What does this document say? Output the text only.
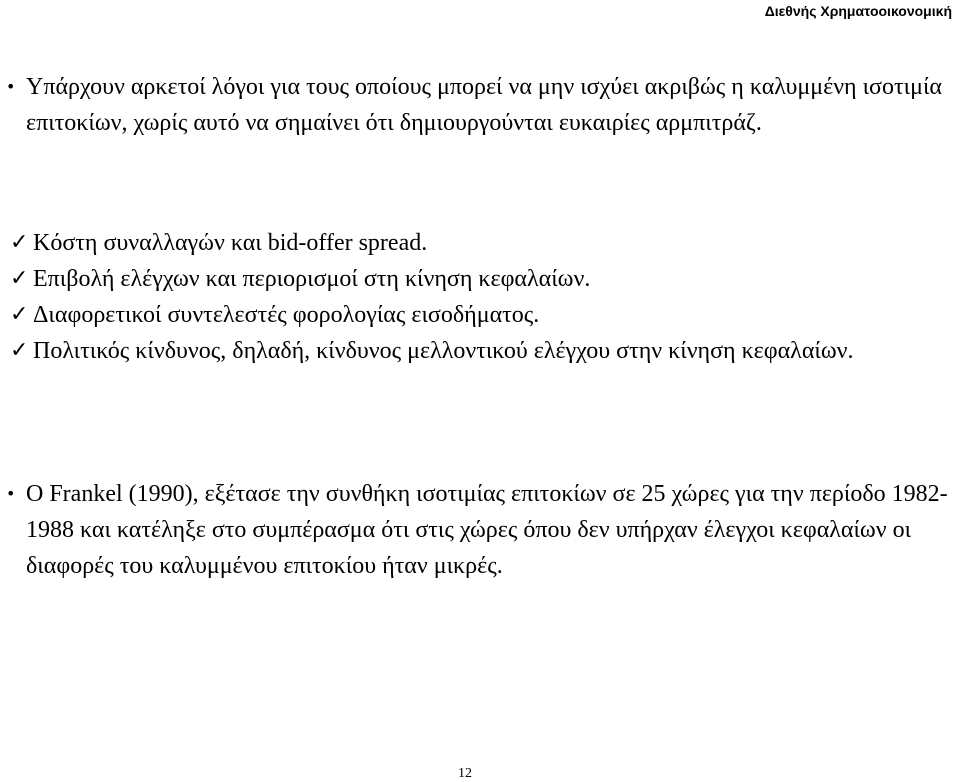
Διεθνής Χρηματοοικονομική
• Υπάρχουν αρκετοί λόγοι για τους οποίους μπορεί να μην ισχύει ακριβώς η καλυμμένη ισοτιμία επιτοκίων, χωρίς αυτό να σημαίνει ότι δημιουργούνται ευκαιρίες αρμπιτράζ.
✓ Κόστη συναλλαγών και bid-offer spread.
✓ Επιβολή ελέγχων και περιορισμοί στη κίνηση κεφαλαίων.
✓ Διαφορετικοί συντελεστές φορολογίας εισοδήματος.
✓ Πολιτικός κίνδυνος, δηλαδή, κίνδυνος μελλοντικού ελέγχου στην κίνηση κεφαλαίων.
• O Frankel (1990), εξέτασε την συνθήκη ισοτιμίας επιτοκίων σε 25 χώρες για την περίοδο 1982-1988 και κατέληξε στο συμπέρασμα ότι στις χώρες όπου δεν υπήρχαν έλεγχοι κεφαλαίων οι διαφορές του καλυμμένου επιτοκίου ήταν μικρές.
12
